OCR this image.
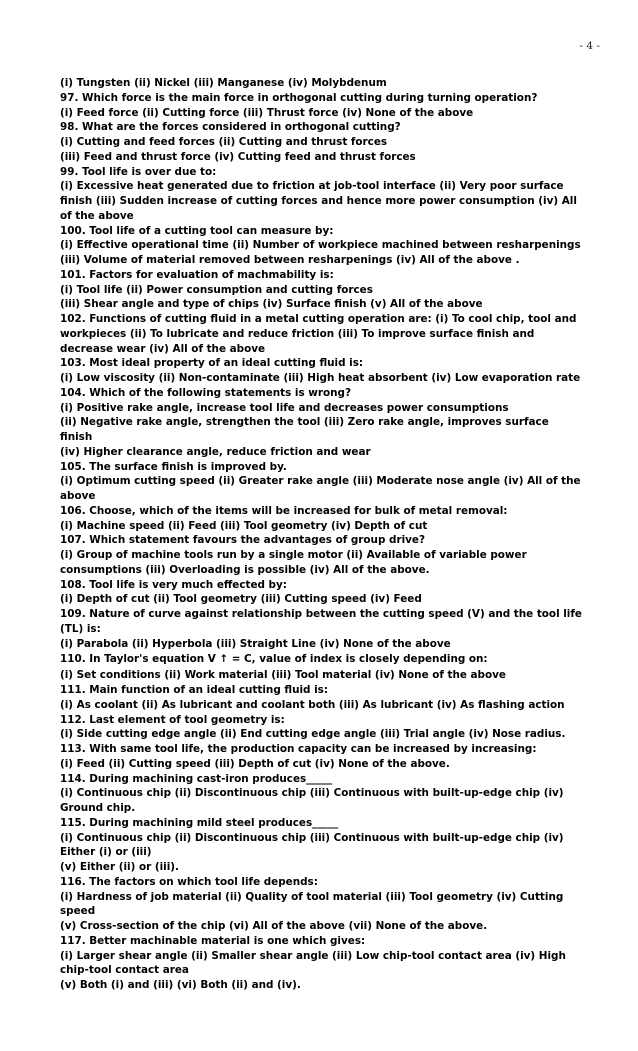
- 4 -
(i) Tungsten (ii) Nickel (iii) Manganese (iv) Molybdenum
97. Which force is the main force in orthogonal cutting during turning operation?
(i) Feed force (ii) Cutting force (iii) Thrust force (iv) None of the above
98. What are the forces considered in orthogonal cutting?
(i) Cutting and feed forces (ii) Cutting and thrust forces
(iii) Feed and thrust force (iv) Cutting feed and thrust forces
99. Tool life is over due to:
(i) Excessive heat generated due to friction at job-tool interface (ii) Very poor surface finish (iii) Sudden increase of cutting forces and hence more power consumption (iv) All of the above
100. Tool life of a cutting tool can measure by:
(i) Effective operational time (ii) Number of workpiece machined between resharpenings
(iii) Volume of material removed between resharpenings (iv) All of the above .
101. Factors for evaluation of machmability is:
(i) Tool life (ii) Power consumption and cutting forces
(iii) Shear angle and type of chips (iv) Surface finish (v) All of the above
102. Functions of cutting fluid in a metal cutting operation are: (i) To cool chip, tool and workpieces (ii) To lubricate and reduce friction (iii) To improve surface finish and decrease wear (iv) All of the above
103. Most ideal property of an ideal cutting fluid is:
(i) Low viscosity (ii) Non-contaminate (iii) High heat absorbent (iv) Low evaporation rate
104. Which of the following statements is wrong?
(i) Positive rake angle, increase tool life and decreases power consumptions
(ii) Negative rake angle, strengthen the tool (iii) Zero rake angle, improves surface finish
(iv) Higher clearance angle, reduce friction and wear
105. The surface finish is improved by.
(i) Optimum cutting speed (ii) Greater rake angle (iii) Moderate nose angle (iv) All of the above
106. Choose, which of the items will be increased for bulk of metal removal:
(i) Machine speed (ii) Feed (iii) Tool geometry (iv) Depth of cut
107. Which statement favours the advantages of group drive?
(i) Group of machine tools run by a single motor (ii) Available of variable power consumptions (iii) Overloading is possible (iv) All of the above.
108. Tool life is very much effected by:
(i) Depth of cut (ii) Tool geometry (iii) Cutting speed (iv) Feed
109. Nature of curve against relationship between the cutting speed (V) and the tool life (TL) is:
(i) Parabola (ii) Hyperbola (iii) Straight Line (iv) None of the above
110. In Taylor's equation V ↑ = C, value of index is closely depending on:
(i) Set conditions (ii) Work material (iii) Tool material (iv) None of the above
111. Main function of an ideal cutting fluid is:
(i) As coolant (ii) As lubricant and coolant both (iii) As lubricant (iv) As flashing action
112. Last element of tool geometry is:
(i) Side cutting edge angle (ii) End cutting edge angle (iii) Trial angle (iv) Nose radius.
113. With same tool life, the production capacity can be increased by increasing:
(i) Feed (ii) Cutting speed (iii) Depth of cut (iv) None of the above.
114. During machining cast-iron produces_____
(i) Continuous chip (ii) Discontinuous chip (iii) Continuous with built-up-edge chip (iv) Ground chip.
115. During machining mild steel produces_____
(i) Continuous chip (ii) Discontinuous chip (iii) Continuous with built-up-edge chip (iv) Either (i) or (iii)
(v) Either (ii) or (iii).
116. The factors on which tool life depends:
(i) Hardness of job material (ii) Quality of tool material (iii) Tool geometry (iv) Cutting speed
(v) Cross-section of the chip (vi) All of the above (vii) None of the above.
117. Better machinable material is one which gives:
(i) Larger shear angle (ii) Smaller shear angle (iii) Low chip-tool contact area (iv) High chip-tool contact area
(v) Both (i) and (iii) (vi) Both (ii) and (iv).
